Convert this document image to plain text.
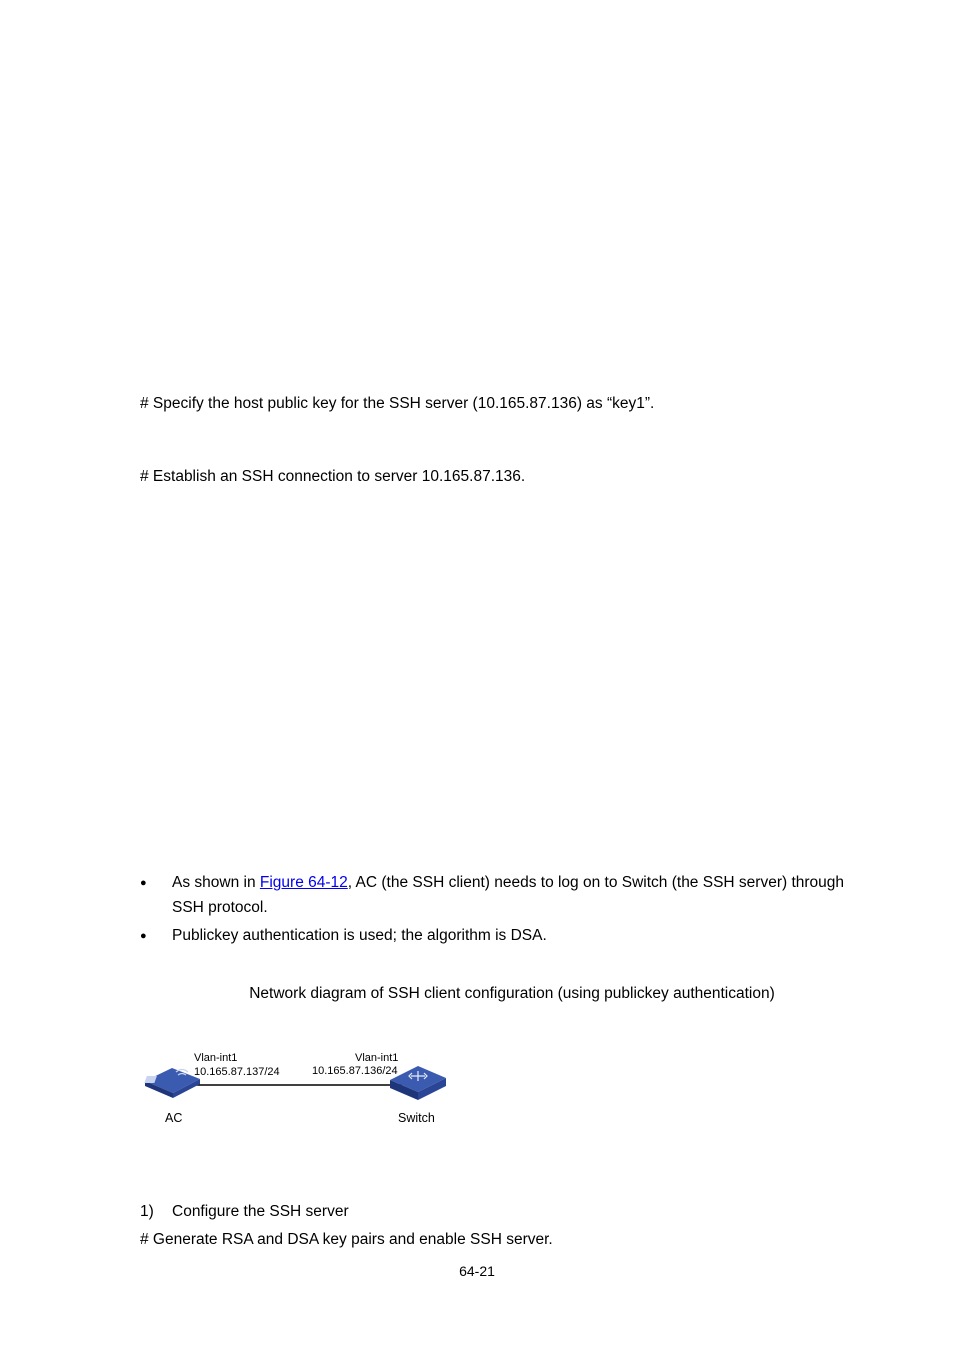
# Specify the host public key for the SSH server (10.165.87.136) as “key1”.
# Establish an SSH connection to server 10.165.87.136.
● As shown in Figure 64-12, AC (the SSH client) needs to log on to Switch (the SSH server) through
SSH protocol.
● Publickey authentication is used; the algorithm is DSA.
Network diagram of SSH client configuration (using publickey authentication)
Vlan-int1
10.165.87.137/24
Vlan-int1
10.165.87.136/24
AC	Switch
1) Configure the SSH server
# Generate RSA and DSA key pairs and enable SSH server.
64-21
